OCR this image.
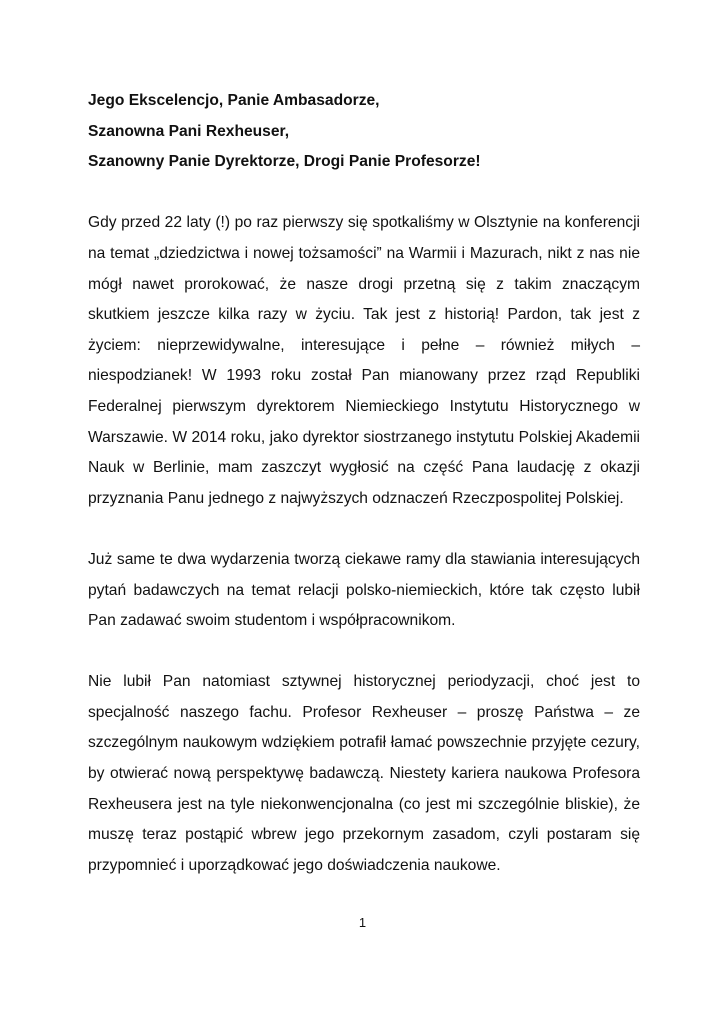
Jego Ekscelencjo, Panie Ambasadorze,

Szanowna Pani Rexheuser,

Szanowny Panie Dyrektorze, Drogi Panie Profesorze!

Gdy przed 22 laty (!) po raz pierwszy się spotkaliśmy w Olsztynie na konferencji na temat „dziedzictwa i nowej tożsamości” na Warmii i Mazurach, nikt z nas nie mógł nawet prorokować, że nasze drogi przetną się z takim znaczącym skutkiem jeszcze kilka razy w życiu. Tak jest z historią! Pardon, tak jest z życiem: nieprzewidywalne, interesujące i pełne – również miłych – niespodzianek! W 1993 roku został Pan mianowany przez rząd Republiki Federalnej pierwszym dyrektorem Niemieckiego Instytutu Historycznego w Warszawie. W 2014 roku, jako dyrektor siostrzanego instytutu Polskiej Akademii Nauk w Berlinie, mam zaszczyt wygłosić na część Pana laudację z okazji przyznania Panu jednego z najwyższych odznaczeń Rzeczpospolitej Polskiej.

Już same te dwa wydarzenia tworzą ciekawe ramy dla stawiania interesujących pytań badawczych na temat relacji polsko-niemieckich, które tak często lubił Pan zadawać swoim studentom i współpracownikom.

Nie lubił Pan natomiast sztywnej historycznej periodyzacji, choć jest to specjalność naszego fachu. Profesor Rexheuser – proszę Państwa – ze szczególnym naukowym wdziękiem potrafił łamać powszechnie przyjęte cezury, by otwierać nową perspektywę badawczą. Niestety kariera naukowa Profesora Rexheusera jest na tyle niekonwencjonalna (co jest mi szczególnie bliskie), że muszę teraz postąpić wbrew jego przekornym zasadom, czyli postaram się przypomnieć i uporządkować jego doświadczenia naukowe.

1
